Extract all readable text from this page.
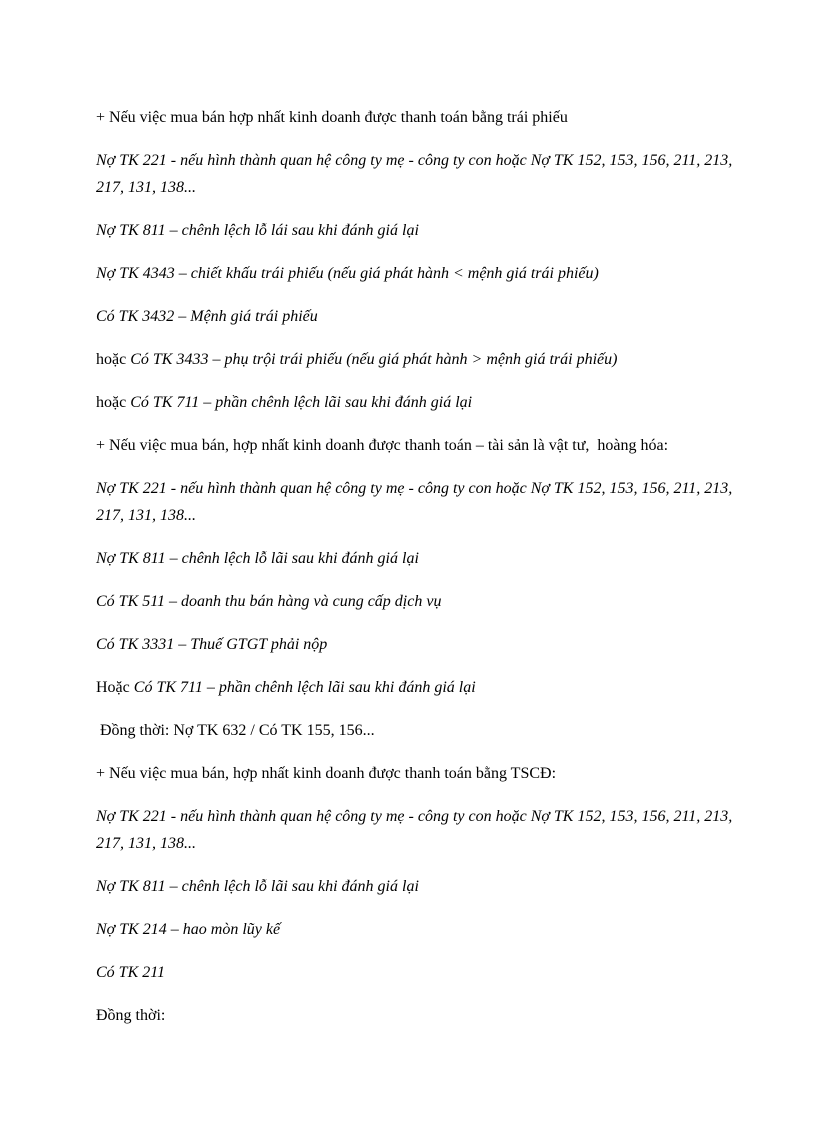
+ Nếu việc mua bán hợp nhất kinh doanh được thanh toán bằng trái phiếu

Nợ TK 221 - nếu hình thành quan hệ công ty mẹ - công ty con hoặc Nợ TK 152, 153, 156, 211, 213, 217, 131, 138...

Nợ TK 811 – chênh lệch lỗ lái sau khi đánh giá lại

Nợ TK 4343 – chiết khấu trái phiếu (nếu giá phát hành < mệnh giá trái phiếu)

Có TK 3432 – Mệnh giá trái phiếu

hoặc Có TK 3433 – phụ trội trái phiếu (nếu giá phát hành > mệnh giá trái phiếu)

hoặc Có TK 711 – phần chênh lệch lãi sau khi đánh giá lại

+ Nếu việc mua bán, hợp nhất kinh doanh được thanh toán – tài sản là vật tư,  hoàng hóa:

Nợ TK 221 - nếu hình thành quan hệ công ty mẹ - công ty con hoặc Nợ TK 152, 153, 156, 211, 213, 217, 131, 138...

Nợ TK 811 – chênh lệch lỗ lãi sau khi đánh giá lại

Có TK 511 – doanh thu bán hàng và cung cấp dịch vụ

Có TK 3331 – Thuế GTGT phải nộp

Hoặc Có TK 711 – phần chênh lệch lãi sau khi đánh giá lại

Đồng thời: Nợ TK 632 / Có TK 155, 156...

+ Nếu việc mua bán, hợp nhất kinh doanh được thanh toán bằng TSCĐ:

Nợ TK 221 - nếu hình thành quan hệ công ty mẹ - công ty con hoặc Nợ TK 152, 153, 156, 211, 213, 217, 131, 138...

Nợ TK 811 – chênh lệch lỗ lãi sau khi đánh giá lại

Nợ TK 214 – hao mòn lũy kế

Có TK 211

Đồng thời:
